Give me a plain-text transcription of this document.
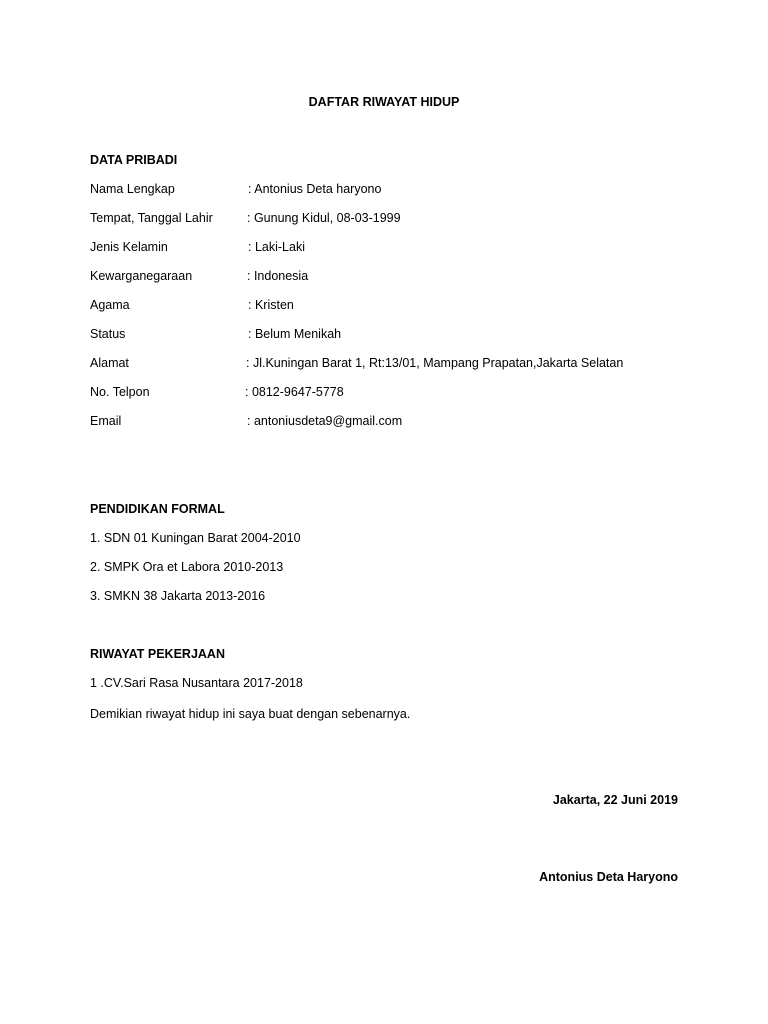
DAFTAR RIWAYAT HIDUP
DATA PRIBADI
Nama Lengkap	: Antonius Deta haryono
Tempat, Tanggal Lahir	: Gunung Kidul, 08-03-1999
Jenis Kelamin	: Laki-Laki
Kewarganegaraan	: Indonesia
Agama	: Kristen
Status	: Belum Menikah
Alamat	: Jl.Kuningan Barat 1, Rt:13/01, Mampang Prapatan,Jakarta Selatan
No. Telpon	: 0812-9647-5778
Email	: antoniusdeta9@gmail.com
PENDIDIKAN FORMAL
1. SDN 01 Kuningan Barat 2004-2010
2. SMPK Ora et Labora 2010-2013
3. SMKN 38 Jakarta 2013-2016
RIWAYAT PEKERJAAN
1 .CV.Sari Rasa Nusantara 2017-2018
Demikian riwayat hidup ini saya buat dengan sebenarnya.
Jakarta, 22 Juni 2019
Antonius Deta Haryono
